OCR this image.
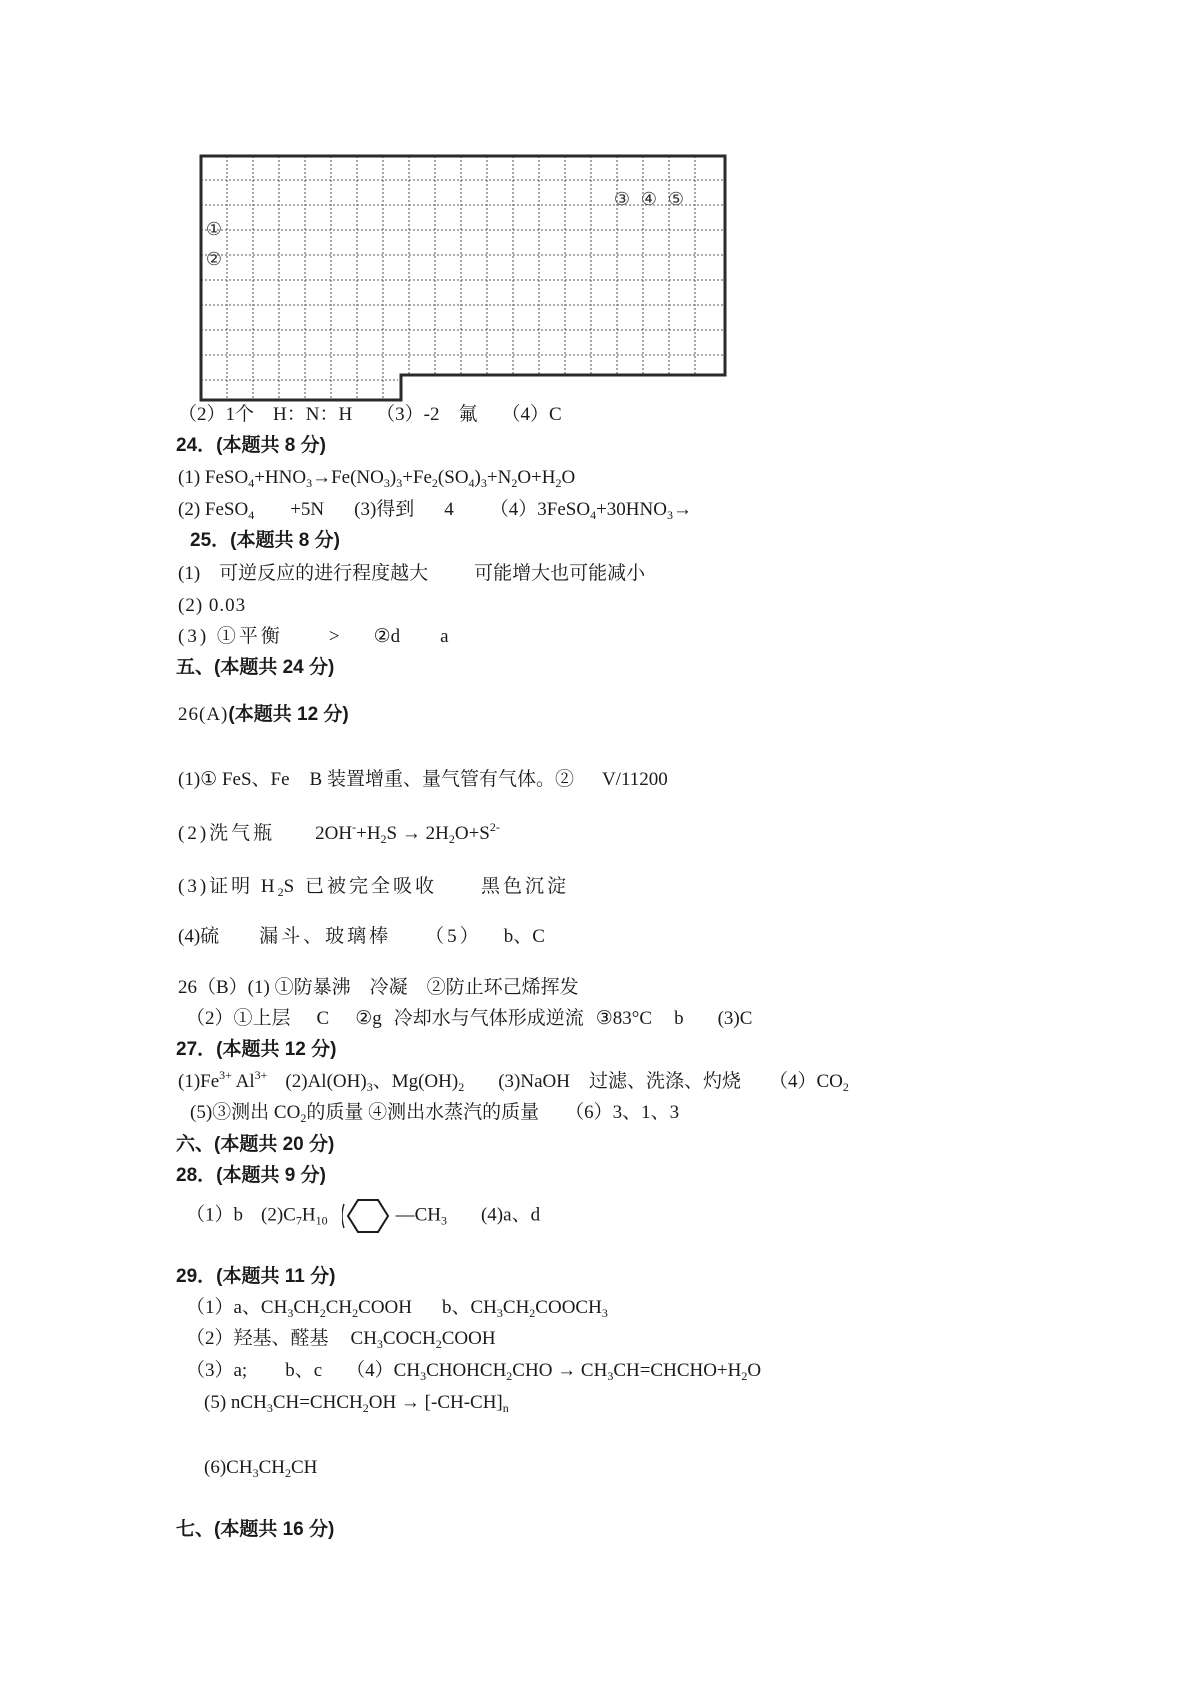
①
②
③ ④ ⑤
（2）1个　H：N：H （3）-2　氟 （4）C
24．(本题共 8 分)
(1) $FeSO_4+HNO_3\to Fe(NO_3)_3+Fe_2(SO_4)_3+N_2O+H_2O$
(2) FeSO$_4$ +5N (3)得到 4 $(4)3FeSO_4+30HNO_3\to$
25．(本题共 8 分)
(1)　可逆反应的进行程度越大 可能增大也可能减小
(2) 0.03
(3) ①平衡 > ②d a
五、(本题共 24 分)
26(A)(本题共 12 分)
(1)① FeS、Fe B 装置增重、量气管有气体。② V/11200
(2)洗气瓶 $2OH^-+H_2S \to 2H_2O+S^{2-}$
(3)证明 $H_2S$ 已被完全吸收 黑色沉淀
(4)硫 漏斗、玻璃棒 （5） b、C
26（B）(1) ①防暴沸　冷凝　②防止环己烯挥发
（2）①上层 C ②g 冷却水与气体形成逆流 ③83°C b (3)C
27．(本题共 12 分)
$(1)Fe^{3+}$ $Al^{3+}$ $(2)Al(OH)_3$、$Mg(OH)_2$ (3)NaOH　过滤、洗涤、灼烧 $(4)CO_2$
(5)③测出 $CO_2$的质量 ④测出水蒸汽的质量 （6）3、1、3
六、(本题共 20 分)
28．(本题共 9 分)
（1）b $(2)C_7H_{10}$	$—CH_3$ (4)a、d
29．(本题共 11 分)
（1）a、$CH_3CH_2CH_2COOH$ b、$CH_3CH_2COOCH_3$
（2）羟基、醛基 $CH_3COCH_2COOH$
（3）a; b、c $(4)CH_3CHOHCH_2CHO$ → $CH_3CH=CHCHO+H_2O$
(5) $nCH_3CH=CHCH_2OH \to [-CH-CH]_n$
$(6)CH_3CH_2CH$
七、(本题共 16 分)
